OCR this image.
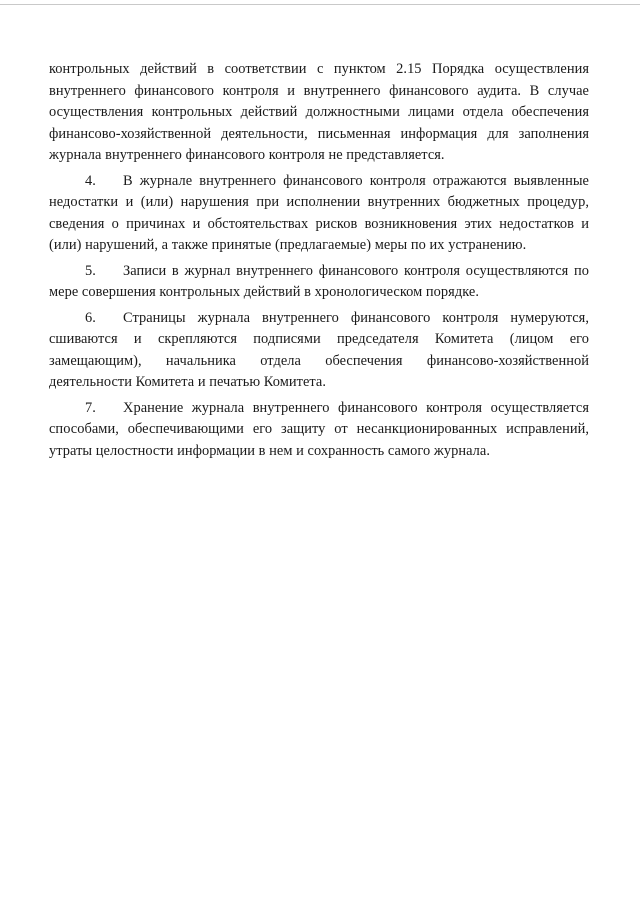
контрольных действий в соответствии с пунктом 2.15 Порядка осуществления внутреннего финансового контроля и внутреннего финансового аудита. В случае осуществления контрольных действий должностными лицами отдела обеспечения финансово-хозяйственной деятельности, письменная информация для заполнения журнала внутреннего финансового контроля не представляется.

4. В журнале внутреннего финансового контроля отражаются выявленные недостатки и (или) нарушения при исполнении внутренних бюджетных процедур, сведения о причинах и обстоятельствах рисков возникновения этих недостатков и (или) нарушений, а также принятые (предлагаемые) меры по их устранению.

5. Записи в журнал внутреннего финансового контроля осуществляются по мере совершения контрольных действий в хронологическом порядке.

6. Страницы журнала внутреннего финансового контроля нумеруются, сшиваются и скрепляются подписями председателя Комитета (лицом его замещающим), начальника отдела обеспечения финансово-хозяйственной деятельности Комитета и печатью Комитета.

7. Хранение журнала внутреннего финансового контроля осуществляется способами, обеспечивающими его защиту от несанкционированных исправлений, утраты целостности информации в нем и сохранность самого журнала.
